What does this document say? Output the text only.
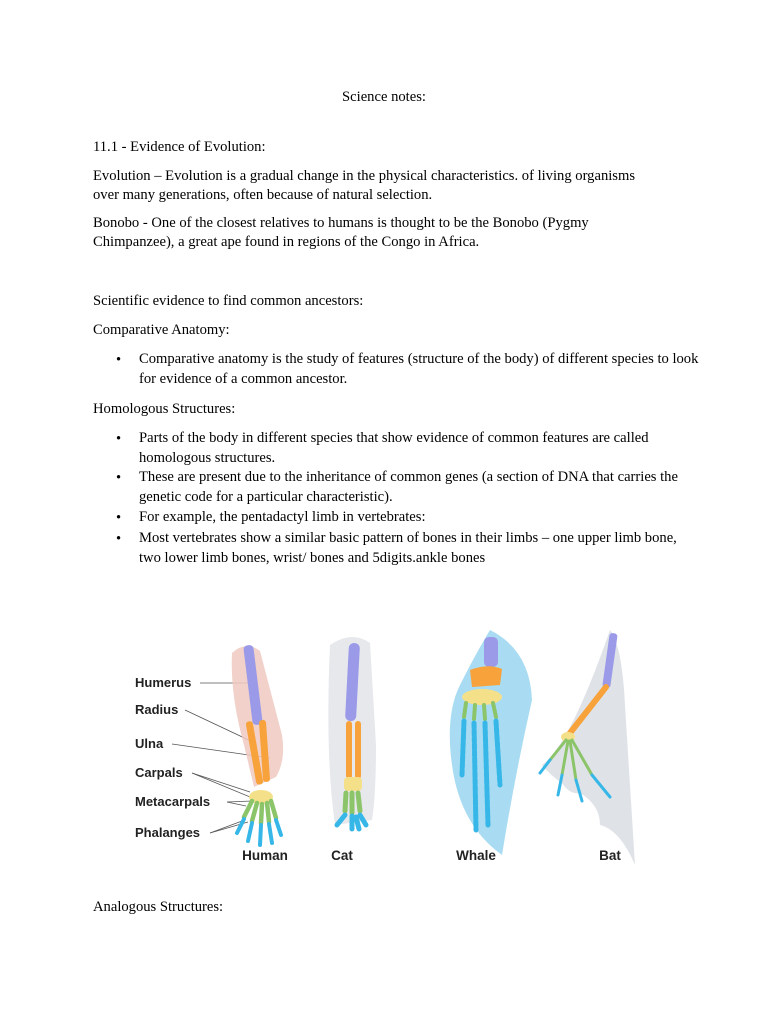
Science notes:
11.1 - Evidence of Evolution:
Evolution – Evolution is a gradual change in the physical characteristics. of living organisms
over many generations, often because of natural selection.
Bonobo - One of the closest relatives to humans is thought to be the Bonobo (Pygmy
Chimpanzee), a great ape found in regions of the Congo in Africa.
Scientific evidence to find common ancestors:
Comparative Anatomy:
• Comparative anatomy is the study of features (structure of the body) of different species to look for evidence of a common ancestor.
Homologous Structures:
• Parts of the body in different species that show evidence of common features are called homologous structures.
• These are present due to the inheritance of common genes (a section of DNA that carries the genetic code for a particular characteristic).
• For example, the pentadactyl limb in vertebrates:
• Most vertebrates show a similar basic pattern of bones in their limbs – one upper limb bone, two lower limb bones, wrist/ bones and 5digits.ankle bones
Humerus
Radius
Ulna
Carpals
Metacarpals
Phalanges
Human	Cat	Whale	Bat
Analogous Structures:
